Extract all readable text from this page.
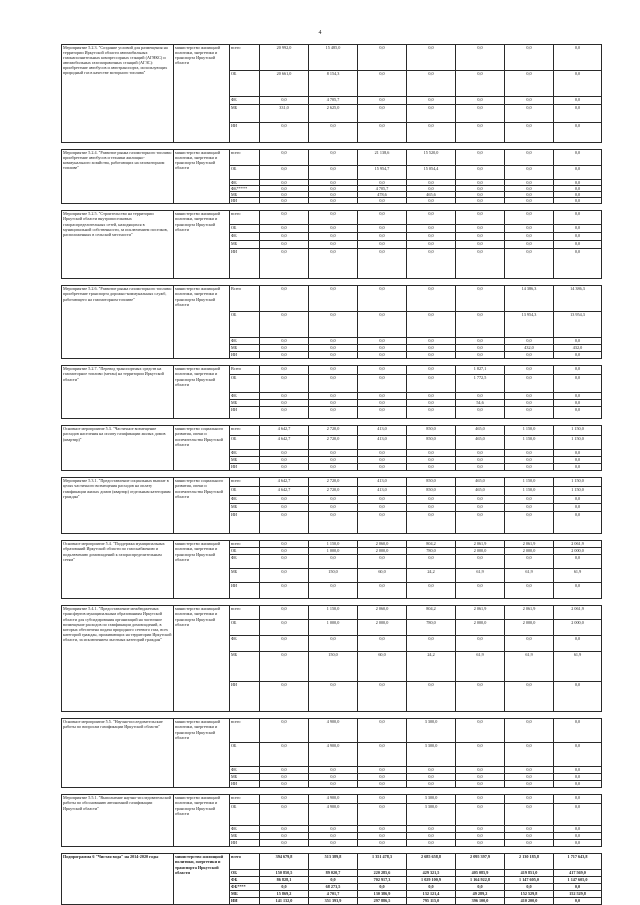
4
Мероприятие 5.2.3. "Создание условий для размещения на территории Иркутской области автомобильных газонаполнительных компрессорных станций (АГНКС) и автомобильных газозаправочных станций (АГЗС): приобретение автобусов и автотранспорта, использующих природный газ в качестве моторного топлива"	министерство жилищной политики, энергетики и транспорта Иркутской области	всего	20 992,0	15 485,0	0,0	0,0	0,0	0,0	0,0
		ОБ	20 661,0	8 154,3	0,0	0,0	0,0	0,0	0,0
		ФБ	0,0	4 705,7	0,0	0,0	0,0	0,0	0,0
		МБ	331,0	2 625,0	0,0	0,0	0,0	0,0	0,0
		ИИ	0,0	0,0	0,0	0,0	0,0	0,0	0,0

Мероприятие 5.2.4. "Развитие рынка газомоторного топлива: приобретение автобусов и техники жилищно-коммунального хозяйства, работающих на газомоторном топливе"	министерство жилищной политики, энергетики и транспорта Иркутской области	всего	0,0	0,0	21 138,6	15 520,0	0,0	0,0	0,0
		ОБ	0,0	0,0	15 954,7	15 054,4	0,0	0,0	0,0
		ФБ	0,0	0,0	0,0	0,0	0,0	0,0	0,0
		ФБ*****	0,0	0,0	4 705,7	0,0	0,0	0,0	0,0
		МБ	0,0	0,0	478,6	465,6	0,0	0,0	0,0
		ИИ	0,0	0,0	0,0	0,0	0,0	0,0	0,0

Мероприятие 5.2.5. "Строительство на территории Иркутской области внутрипоселковых газораспределительных сетей, находящихся в муниципальной собственности, за исключением поселков, расположенных в сельской местности"	министерство жилищной политики, энергетики и транспорта Иркутской области	всего	0,0	0,0	0,0	0,0	0,0	0,0	0,0
		ОБ	0,0	0,0	0,0	0,0	0,0	0,0	0,0
		ФБ	0,0	0,0	0,0	0,0	0,0	0,0	0,0
		МБ	0,0	0,0	0,0	0,0	0,0	0,0	0,0
		ИИ	0,0	0,0	0,0	0,0	0,0	0,0	0,0

Мероприятие 5.2.6. "Развитие рынка газомоторного топлива: приобретение транспорта дорожно-коммунальных служб, работающего на газомоторном топливе"	министерство жилищной политики, энергетики и транспорта Иркутской области	Всего	0,0	0,0	0,0	0,0	0,0	14 386,3	14 386,3
		ОБ	0,0	0,0	0,0	0,0	0,0	13 954,3	13 954,3
		ФБ	0,0	0,0	0,0	0,0	0,0	0,0	0,0
		МБ	0,0	0,0	0,0	0,0	0,0	432,0	432,0
		ИИ	0,0	0,0	0,0	0,0	0,0	0,0	0,0

Мероприятие 5.2.7. "Перевод транспортных средств на газомоторное топливо (метан) на территории Иркутской области"	министерство жилищной политики, энергетики и транспорта Иркутской области	Всего	0,0	0,0	0,0	0,0	1 827,1	0,0	0,0
		ОБ	0,0	0,0	0,0	0,0	1 772,5	0,0	0,0
		ФБ	0,0	0,0	0,0	0,0	0,0	0,0	0,0
		МБ	0,0	0,0	0,0	0,0	54,6	0,0	0,0
		ИИ	0,0	0,0	0,0	0,0	0,0	0,0	0,0

Основное мероприятие 5.3. "Частичное возмещение расходов населения на оплату газификации жилых домов (квартир)"	министерство социального развития, опеки и попечительства Иркутской области	всего	4 642,7	2 720,0	413,0	850,0	465,0	1 150,0	1 150,0
		ОБ	4 642,7	2 720,0	413,0	850,0	465,0	1 150,0	1 150,0
		ФБ	0,0	0,0	0,0	0,0	0,0	0,0	0,0
		МБ	0,0	0,0	0,0	0,0	0,0	0,0	0,0
		ИИ	0,0	0,0	0,0	0,0	0,0	0,0	0,0

Мероприятие 5.3.1. "Предоставление социальных выплат в целях частичного возмещения расходов на оплату газификации жилых домов (квартир) отдельным категориям граждан"	министерство социального развития, опеки и попечительства Иркутской области	всего	4 642,7	2 720,0	413,0	850,0	465,0	1 150,0	1 150,0
		ОБ	4 642,7	2 720,0	413,0	850,0	465,0	1 150,0	1 150,0
		ФБ	0,0	0,0	0,0	0,0	0,0	0,0	0,0
		МБ	0,0	0,0	0,0	0,0	0,0	0,0	0,0
		ИИ	0,0	0,0	0,0	0,0	0,0	0,0	0,0

Основное мероприятие 5.4. "Поддержка муниципальных образований Иркутской области по газоснабжению и подключению домовладений к газораспределительным сетям"	министерство жилищной политики, энергетики и транспорта Иркутской области	всего	0,0	1 150,0	2 060,0	804,2	2 061,9	2 061,9	2 061,9
		ОБ	0,0	1 000,0	2 000,0	780,0	2 000,0	2 000,0	2 000,0
		ФБ	0,0	0,0	0,0	0,0	0,0	0,0	0,0
		МБ	0,0	150,0	60,0	24,2	61,9	61,9	61,9
		ИИ	0,0	0,0	0,0	0,0	0,0	0,0	0,0

Мероприятие 5.4.1. "Предоставление межбюджетных трансфертов муниципальным образованиям Иркутской области для субсидирования организаций на частичное возмещение расходов по газификации домовладений, в которых обеспечена подача природного сетевого газа, всех категорий граждан, проживающих на территории Иркутской области, за исключением льготных категорий граждан"	министерство жилищной политики, энергетики и транспорта Иркутской области	всего	0,0	1 150,0	2 060,0	804,2	2 061,9	2 061,9	2 061,9
		ОБ	0,0	1 000,0	2 000,0	780,0	2 000,0	2 000,0	2 000,0
		ФБ	0,0	0,0	0,0	0,0	0,0	0,0	0,0
		МБ	0,0	150,0	60,0	24,2	61,9	61,9	61,9
		ИИ	0,0	0,0	0,0	0,0	0,0	0,0	0,0

Основное мероприятие 5.5. "Научно-исследовательские работы по вопросам газификации Иркутской области"	министерство жилищной политики, энергетики и транспорта Иркутской области	всего	0,0	4 900,0	0,0	3 300,0	0,0	0,0	0,0
		ОБ	0,0	4 900,0	0,0	3 300,0	0,0	0,0	0,0
		ФБ	0,0	0,0	0,0	0,0	0,0	0,0	0,0
		МБ	0,0	0,0	0,0	0,0	0,0	0,0	0,0
		ИИ	0,0	0,0	0,0	0,0	0,0	0,0	0,0

Мероприятие 5.5.1. "Выполнение научно-исследовательской работы по обоснованию автономной газификации Иркутской области"	министерство жилищной политики, энергетики и транспорта Иркутской области	всего	0,0	4 900,0	0,0	3 300,0	0,0	0,0	0,0
		ОБ	0,0	4 900,0	0,0	3 300,0	0,0	0,0	0,0
		ФБ	0,0	0,0	0,0	0,0	0,0	0,0	0,0
		МБ	0,0	0,0	0,0	0,0	0,0	0,0	0,0
		ИИ	0,0	0,0	0,0	0,0	0,0	0,0	0,0

Подпрограмма 6 "Чистая вода" на 2014-2020 годы	министерство жилищной политики, энергетики и транспорта Иркутской области	всего	394 679,8	513 389,8	1 351 478,3	2 685 658,8	2 095 397,9	2 130 185,8	1 717 643,8
		ОБ	150 850,5	89 020,7	220 285,6	429 321,5	405 085,9	419 851,0	417 569,0
		ФБ	86 828,1	0,0	702 917,3	1 029 100,9	1 164 922,8	1 147 605,0	1 147 605,0
		ФБ****	0,0	68 273,5	0,0	0,0	0,0	0,0	0,0
		МБ	15 869,2	4 701,7	130 386,9	132 121,4	49 289,2	152 529,8	152 529,8
		ИИ	141 132,0	351 393,9	297 886,5	795 115,0	396 100,0	410 200,0	0,0
